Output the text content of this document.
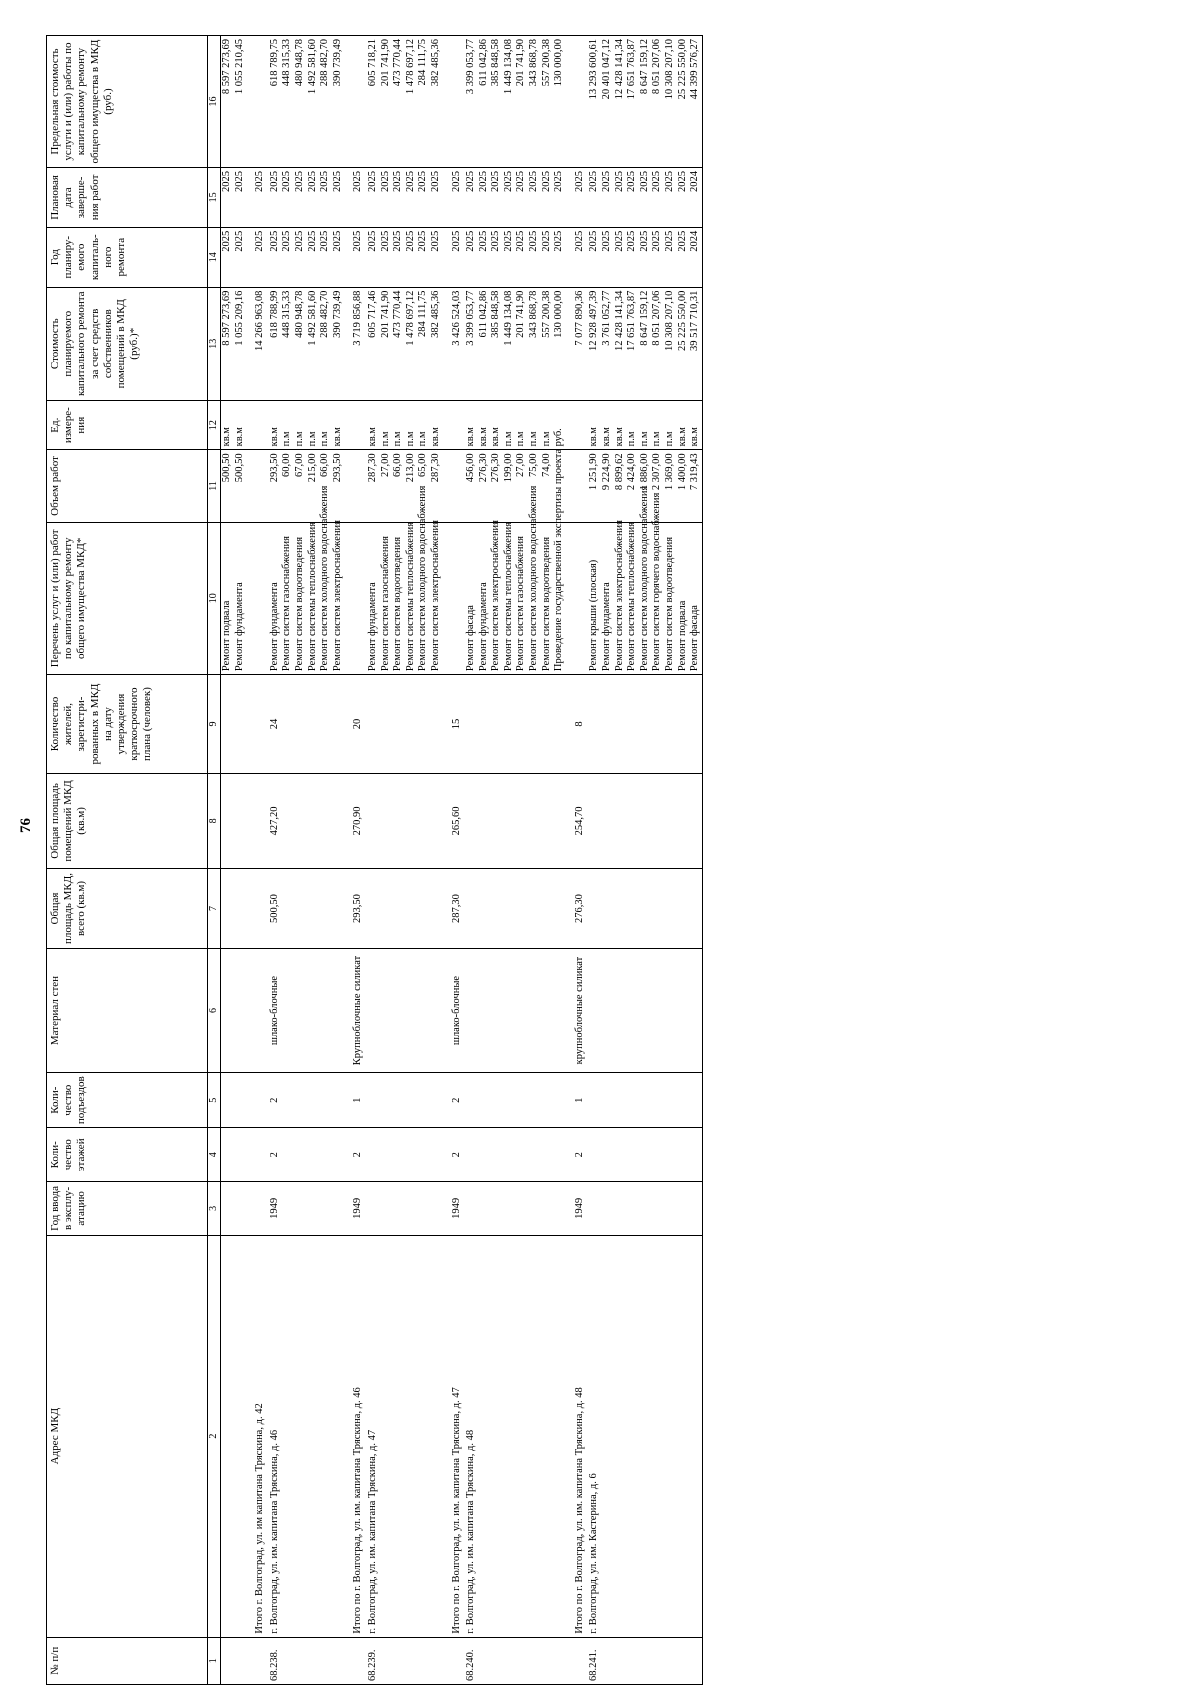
76
№ п/п	Адрес МКД	Год ввода в эксплу-атацию	Коли-чество этажей	Коли-чество подъездов	Материал стен	Общая площадь МКД, всего (кв.м)	Общая площадь помещений МКД (кв.м)	Количество жителей, зарегистри-рованных в МКД на дату утверждения краткосрочного плана (человек)	Перечень услуг и (или) работ по капитальному ремонту общего имущества МКД*	Объем работ	Ед. измере-ния	Стоимость планируемого капитального ремонта за счет средств собственников помещений в МКД (руб.)*	Год планиру-емого капиталь-ного ремонта	Плановая дата заверше-ния работ	Предельная стоимость услуги и (или) работы по капитальному ремонту общего имущества в МКД (руб.)
1	2	3	4	5	6	7	8	9	10	11	12	13	14	15	16
									Ремонт подвала	500,50	кв.м	8 597 273,69	2025	2025	8 597 273,69
									Ремонт фундамента	500,50	кв.м	1 055 209,16	2025	2025	1 055 210,45
	Итого г. Волгоград, ул. им капитана Тряскина, д. 42											14 266 963,08	2025	2025	
68.238.	г. Волгоград, ул. им. капитана Тряскина, д. 46	1949	2	2	шлако-блочные	500,50	427,20	24	Ремонт фундамента	293,50	кв.м	618 788,99	2025	2025	618 789,75
									Ремонт систем газоснабжения	60,00	п.м	448 315,33	2025	2025	448 315,33
									Ремонт систем водоотведения	67,00	п.м	480 948,78	2025	2025	480 948,78
									Ремонт системы теплоснабжения	215,00	п.м	1 492 581,60	2025	2025	1 492 581,60
									Ремонт систем холодного водоснабжения	66,00	п.м	288 482,70	2025	2025	288 482,70
									Ремонт систем электроснабжения	293,50	кв.м	390 739,49	2025	2025	390 739,49
	Итого по г. Волгоград, ул. им. капитана Тряскина, д. 46	1949	2	1	Крупноблочные силикат	293,50	270,90	20				3 719 856,88	2025	2025	
68.239.	г. Волгоград, ул. им. капитана Тряскина, д. 47								Ремонт фундамента	287,30	кв.м	605 717,46	2025	2025	605 718,21
									Ремонт систем газоснабжения	27,00	п.м	201 741,90	2025	2025	201 741,90
									Ремонт систем водоотведения	66,00	п.м	473 770,44	2025	2025	473 770,44
									Ремонт системы теплоснабжения	213,00	п.м	1 478 697,12	2025	2025	1 478 697,12
									Ремонт систем холодного водоснабжения	65,00	п.м	284 111,75	2025	2025	284 111,75
									Ремонт систем электроснабжения	287,30	кв.м	382 485,36	2025	2025	382 485,36
	Итого по г. Волгоград, ул. им. капитана Тряскина, д. 47	1949	2	2	шлако-блочные	287,30	265,60	15				3 426 524,03	2025	2025	
68.240.	г. Волгоград, ул. им. капитана Тряскина, д. 48								Ремонт фасада	456,00	кв.м	3 399 053,77	2025	2025	3 399 053,77
									Ремонт фундамента	276,30	кв.м	611 042,86	2025	2025	611 042,86
									Ремонт систем электроснабжения	276,30	кв.м	385 848,58	2025	2025	385 848,58
									Ремонт системы теплоснабжения	199,00	п.м	1 449 134,08	2025	2025	1 449 134,08
									Ремонт систем газоснабжения	27,00	п.м	201 741,90	2025	2025	201 741,90
									Ремонт систем холодного водоснабжения	75,00	п.м	343 868,78	2025	2025	343 868,78
									Ремонт систем водоотведения	74,00	п.м	557 200,38	2025	2025	557 200,38
									Проведение государственной экспертизы проекта		руб.	130 000,00	2025	2025	130 000,00
	Итого по г. Волгоград, ул. им. капитана Тряскина, д. 48	1949	2	1	крупноблочные силикат	276,30	254,70	8				7 077 890,36	2025	2025	
68.241.	г. Волгоград, ул. им. Кастерина, д. 6								Ремонт крыши (плоская)	1 251,90	кв.м	12 928 497,39	2025	2025	13 293 600,61
									Ремонт фундамента	9 224,90	кв.м	3 761 052,77	2025	2025	20 401 047,12
									Ремонт систем электроснабжения	8 899,62	кв.м	12 428 141,34	2025	2025	12 428 141,34
									Ремонт системы теплоснабжения	2 424,00	п.м	17 651 763,87	2025	2025	17 651 763,87
									Ремонт систем холодного водоснабжения	1 886,00	п.м	8 647 159,12	2025	2025	8 647 159,12
									Ремонт систем горячего водоснабжения	2 307,00	п.м	8 051 207,06	2025	2025	8 051 207,06
									Ремонт систем водоотведения	1 369,00	п.м	10 308 207,10	2025	2025	10 308 207,10
									Ремонт подвала	1 400,00	кв.м	25 225 550,00	2025	2025	25 225 550,00
									Ремонт фасада	7 319,43	кв.м	39 517 710,31	2024	2024	44 399 576,27
